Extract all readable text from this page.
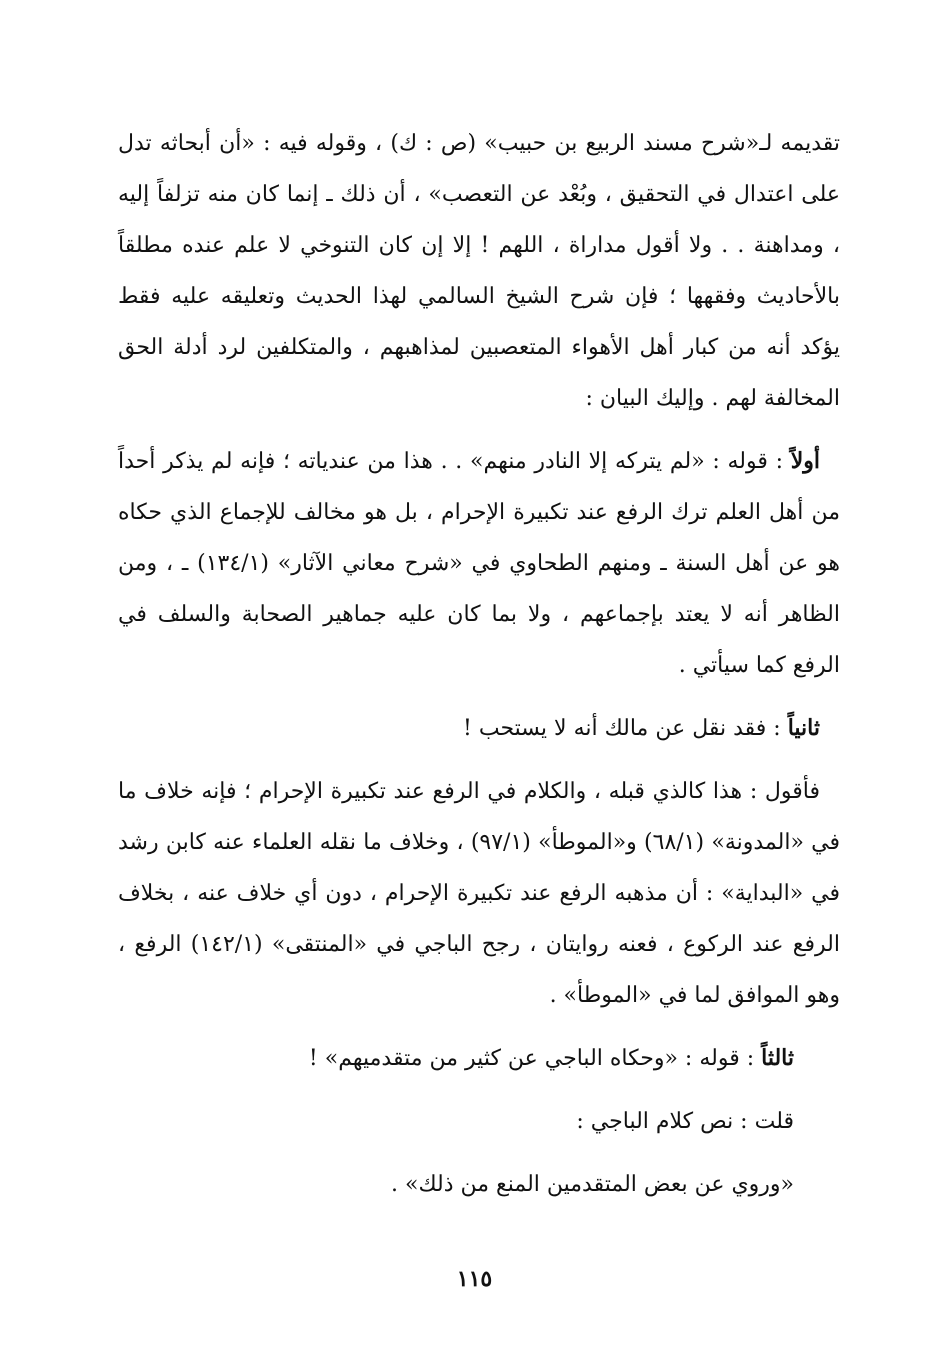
تقديمه لـ«شرح مسند الربيع بن حبيب» (ص : ك) ، وقوله فيه : «أن أبحاثه تدل على اعتدال في التحقيق ، وبُعْد عن التعصب» ، أن ذلك ـ إنما كان منه تزلفاً إليه ، ومداهنة . . ولا أقول مداراة ، اللهم ! إلا إن كان التنوخي لا علم عنده مطلقاً بالأحاديث وفقهها ؛ فإن شرح الشيخ السالمي لهذا الحديث وتعليقه عليه فقط يؤكد أنه من كبار أهل الأهواء المتعصبين لمذاهبهم ، والمتكلفين لرد أدلة الحق المخالفة لهم . وإليك البيان :

أولاً : قوله : «لم يتركه إلا النادر منهم» . . هذا من عندياته ؛ فإنه لم يذكر أحداً من أهل العلم ترك الرفع عند تكبيرة الإحرام ، بل هو مخالف للإجماع الذي حكاه هو عن أهل السنة ـ ومنهم الطحاوي في «شرح معاني الآثار» (١٣٤/١) ـ ، ومن الظاهر أنه لا يعتد بإجماعهم ، ولا بما كان عليه جماهير الصحابة والسلف في الرفع كما سيأتي .

ثانياً : فقد نقل عن مالك أنه لا يستحب !

فأقول : هذا كالذي قبله ، والكلام في الرفع عند تكبيرة الإحرام ؛ فإنه خلاف ما في «المدونة» (٦٨/١) و«الموطأ» (٩٧/١) ، وخلاف ما نقله العلماء عنه كابن رشد في «البداية» : أن مذهبه الرفع عند تكبيرة الإحرام ، دون أي خلاف عنه ، بخلاف الرفع عند الركوع ، فعنه روايتان ، رجح الباجي في «المنتقى» (١٤٢/١) الرفع ، وهو الموافق لما في «الموطأ» .

ثالثاً : قوله : «وحكاه الباجي عن كثير من متقدميهم» !

قلت : نص كلام الباجي :

«وروي عن بعض المتقدمين المنع من ذلك» .

١١٥
